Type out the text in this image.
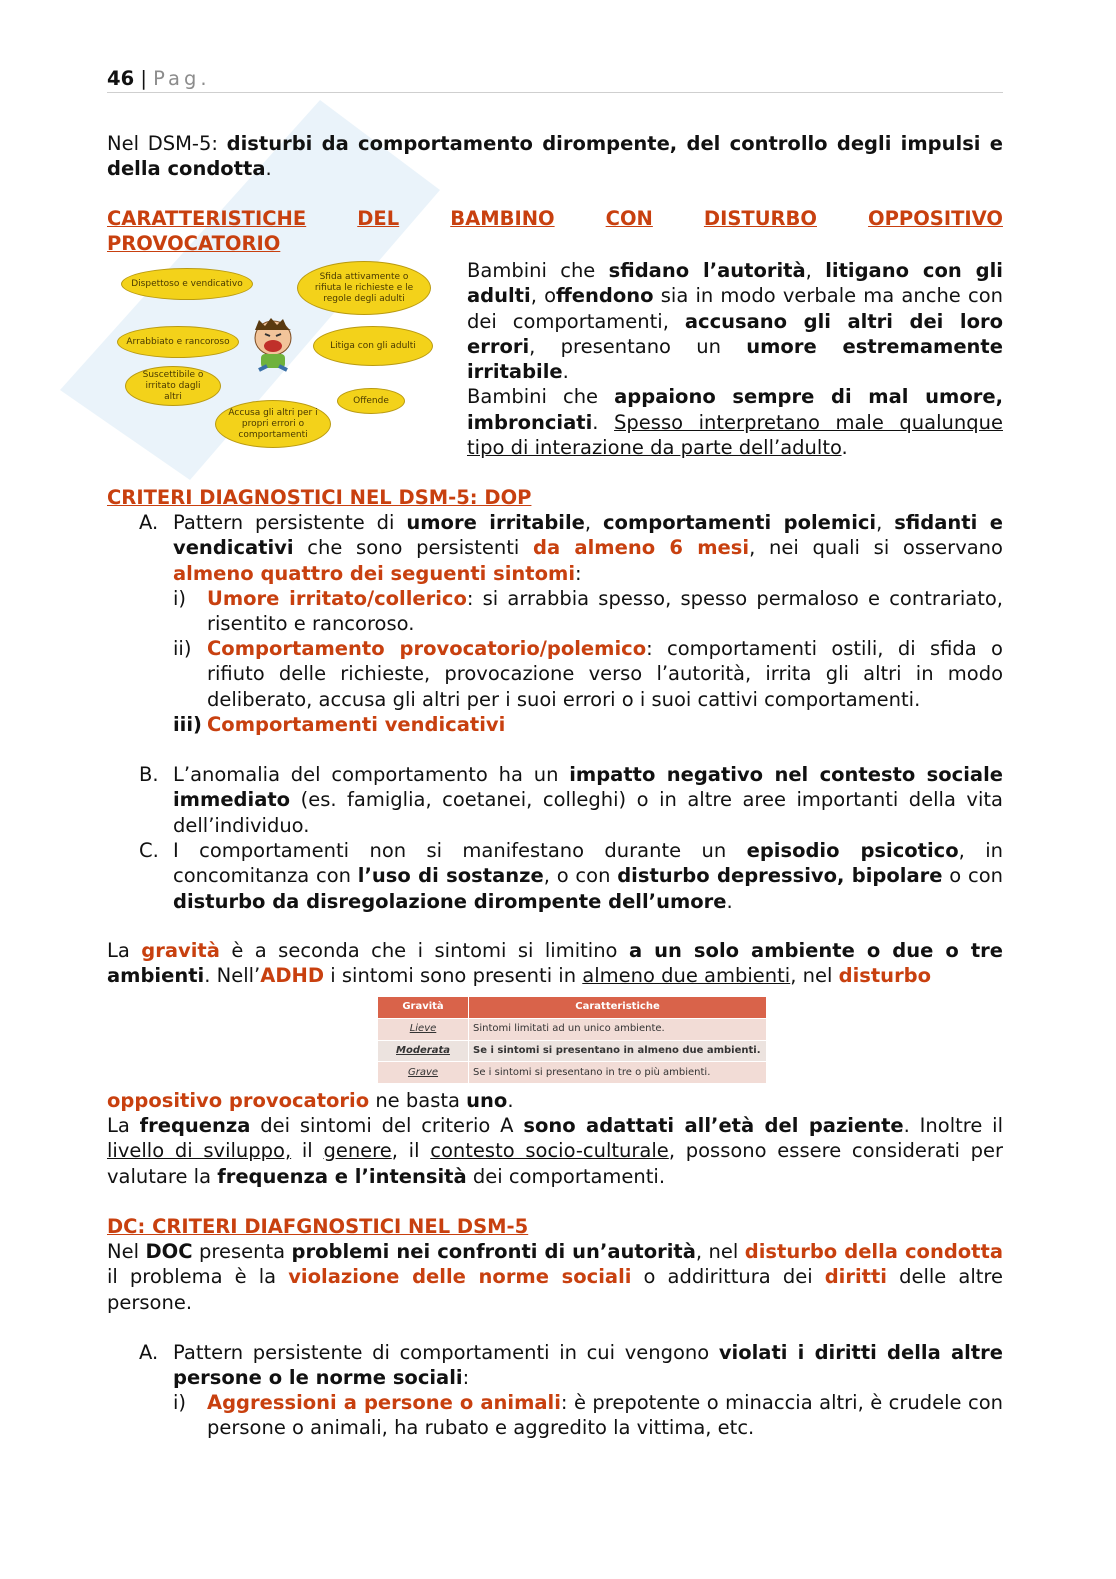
46 | Pag.

Nel DSM-5: disturbi da comportamento dirompente, del controllo degli impulsi e della condotta.

CARATTERISTICHE	DEL	BAMBINO	CON	DISTURBO	OPPOSITIVO
PROVOCATORIO
Dispettoso e vendicativo
Sfida attivamente o rifiuta le richieste e le regole degli adulti
Arrabbiato e rancoroso	Litiga con gli adulti
Suscettibile o irritato dagli altri	Offende
Accusa gli altri per i propri errori o comportamenti

Bambini che sfidano l’autorità, litigano con gli adulti, offendono sia in modo verbale ma anche con dei comportamenti, accusano gli altri dei loro errori, presentano un umore estremamente irritabile.

Bambini che appaiono sempre di mal umore, imbronciati. Spesso interpretano male qualunque tipo di interazione da parte dell’adulto.

CRITERI DIAGNOSTICI NEL DSM-5: DOP
A. Pattern persistente di umore irritabile, comportamenti polemici, sfidanti e vendicativi che sono persistenti da almeno 6 mesi, nei quali si osservano almeno quattro dei seguenti sintomi:

i) Umore irritato/collerico: si arrabbia spesso, spesso permaloso e contrariato, risentito e rancoroso.

ii) Comportamento provocatorio/polemico: comportamenti ostili, di sfida o rifiuto delle richieste, provocazione verso l’autorità, irrita gli altri in modo deliberato, accusa gli altri per i suoi errori o i suoi cattivi comportamenti.

iii) Comportamenti vendicativi

B. L’anomalia del comportamento ha un impatto negativo nel contesto sociale immediato (es. famiglia, coetanei, colleghi) o in altre aree importanti della vita dell’individuo.

C. I comportamenti non si manifestano durante un episodio psicotico, in concomitanza con l’uso di sostanze, o con disturbo depressivo, bipolare o con disturbo da disregolazione dirompente dell’umore.

La gravità è a seconda che i sintomi si limitino a un solo ambiente o due o tre ambienti. Nell’ADHD i sintomi sono presenti in almeno due ambienti, nel disturbo

Gravità	Caratteristiche
Lieve	Sintomi limitati ad un unico ambiente.
Moderata	Se i sintomi si presentano in almeno due ambienti.
Grave	Se i sintomi si presentano in tre o più ambienti.

oppositivo provocatorio ne basta uno.

La frequenza dei sintomi del criterio A sono adattati all’età del paziente. Inoltre il livello di sviluppo, il genere, il contesto socio-culturale, possono essere considerati per valutare la frequenza e l’intensità dei comportamenti.

DC: CRITERI DIAFGNOSTICI NEL DSM-5

Nel DOC presenta problemi nei confronti di un’autorità, nel disturbo della condotta il problema è la violazione delle norme sociali o addirittura dei diritti delle altre persone.

A. Pattern persistente di comportamenti in cui vengono violati i diritti della altre persone o le norme sociali:

i) Aggressioni a persone o animali: è prepotente o minaccia altri, è crudele con persone o animali, ha rubato e aggredito la vittima, etc.
